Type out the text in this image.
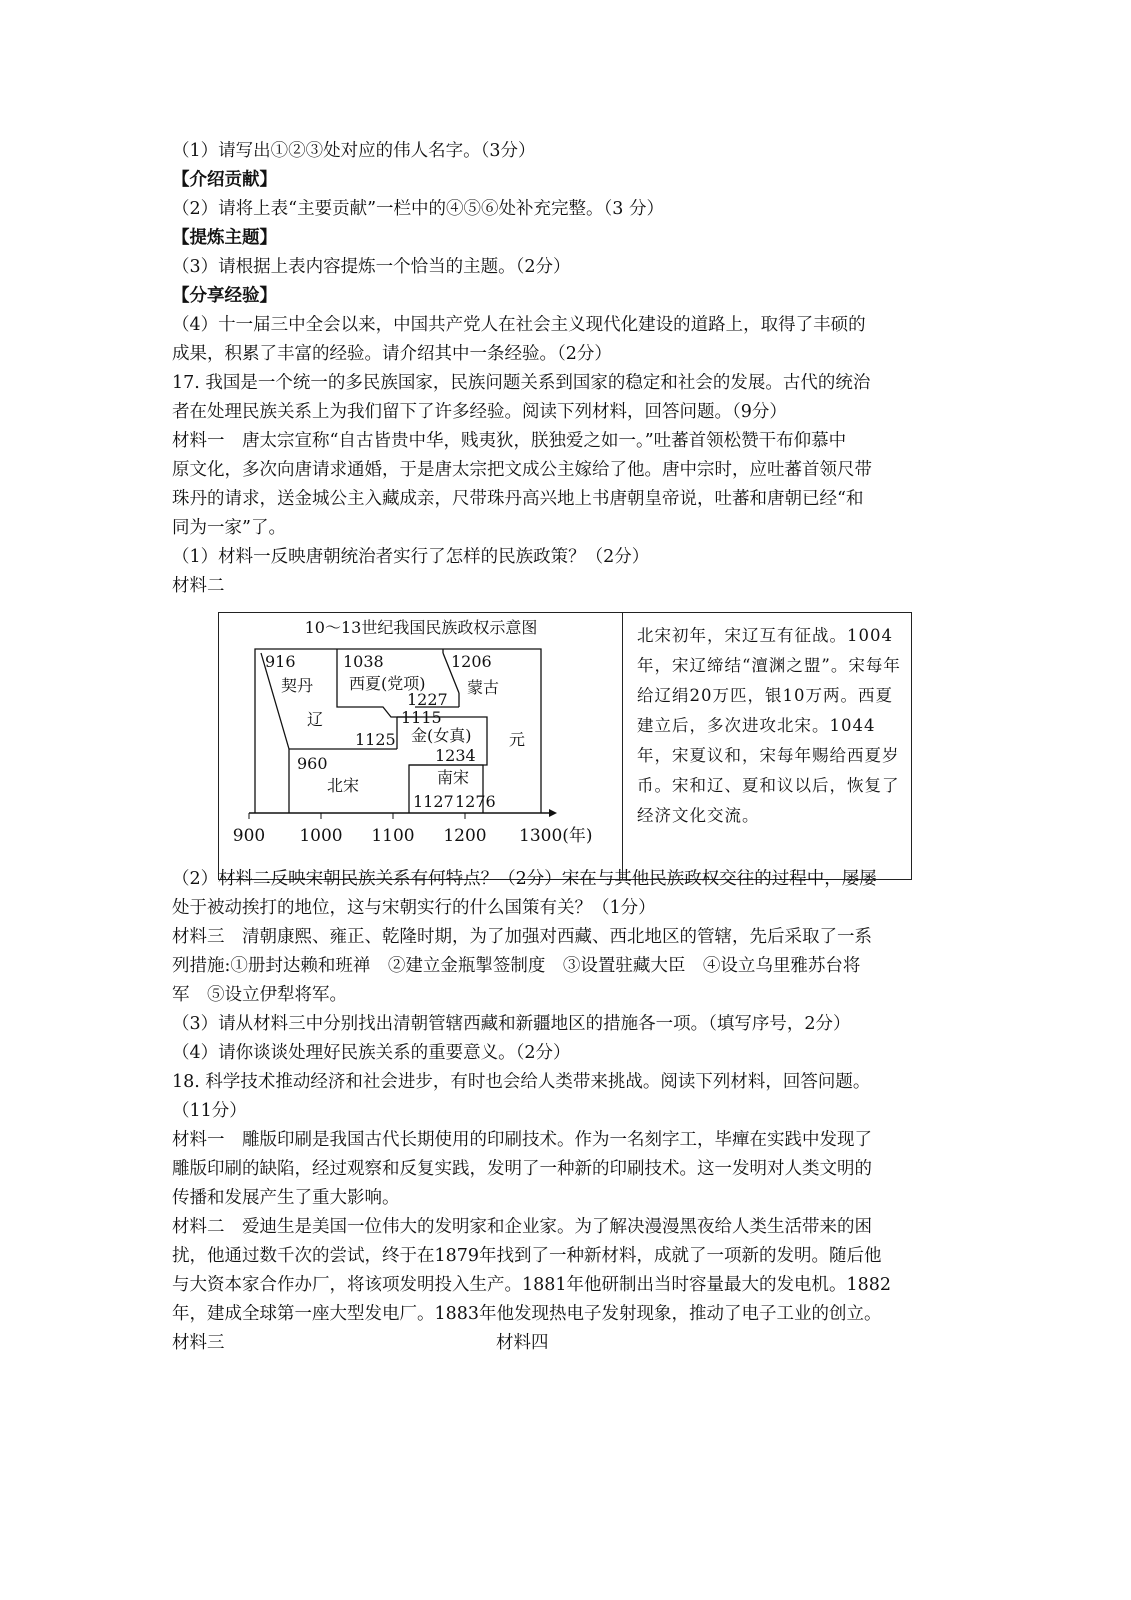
（1）请写出①②③处对应的伟人名字。（3分）
【介绍贡献】
（2）请将上表“主要贡献”一栏中的④⑤⑥处补充完整。（3 分）
【提炼主题】
（3）请根据上表内容提炼一个恰当的主题。（2分）
【分享经验】
（4）十一届三中全会以来，中国共产党人在社会主义现代化建设的道路上，取得了丰硕的
成果，积累了丰富的经验。请介绍其中一条经验。（2分）
17. 我国是一个统一的多民族国家，民族问题关系到国家的稳定和社会的发展。古代的统治
者在处理民族关系上为我们留下了许多经验。阅读下列材料，回答问题。（9分）
材料一　唐太宗宣称“自古皆贵中华，贱夷狄，朕独爱之如一。”吐蕃首领松赞干布仰慕中
原文化，多次向唐请求通婚，于是唐太宗把文成公主嫁给了他。唐中宗时，应吐蕃首领尺带
珠丹的请求，送金城公主入藏成亲，尺带珠丹高兴地上书唐朝皇帝说，吐蕃和唐朝已经“和
同为一家”了。
（1）材料一反映唐朝统治者实行了怎样的民族政策？（2分）
材料二
10～13世纪我国民族政权示意图
900 1000 1100 1200 1300(年)
916
契丹
辽
1125
1038
西夏(党项)
1227
1206
蒙古
元
1115
金(女真)
1234
960
北宋	南宋
1127 1276
北宋初年，宋辽互有征战。1004年，宋辽缔结“澶渊之盟”。宋每年给辽绢20万匹，银10万两。西夏建立后，多次进攻北宋。1044年，宋夏议和，宋每年赐给西夏岁币。宋和辽、夏和议以后，恢复了经济文化交流。
（2）材料二反映宋朝民族关系有何特点？（2分）宋在与其他民族政权交往的过程中，屡屡
处于被动挨打的地位，这与宋朝实行的什么国策有关？（1分）
材料三　清朝康熙、雍正、乾隆时期，为了加强对西藏、西北地区的管辖，先后采取了一系
列措施:①册封达赖和班禅　②建立金瓶掣签制度　③设置驻藏大臣　④设立乌里雅苏台将
军　⑤设立伊犁将军。
（3）请从材料三中分别找出清朝管辖西藏和新疆地区的措施各一项。（填写序号，2分）
（4）请你谈谈处理好民族关系的重要意义。（2分）
18. 科学技术推动经济和社会进步，有时也会给人类带来挑战。阅读下列材料，回答问题。
（11分）
材料一　雕版印刷是我国古代长期使用的印刷技术。作为一名刻字工，毕癉在实践中发现了
雕版印刷的缺陷，经过观察和反复实践，发明了一种新的印刷技术。这一发明对人类文明的
传播和发展产生了重大影响。
材料二　爱迪生是美国一位伟大的发明家和企业家。为了解决漫漫黑夜给人类生活带来的困
扰，他通过数千次的尝试，终于在1879年找到了一种新材料，成就了一项新的发明。随后他
与大资本家合作办厂，将该项发明投入生产。1881年他研制出当时容量最大的发电机。1882
年，建成全球第一座大型发电厂。1883年他发现热电子发射现象，推动了电子工业的创立。
材料三	材料四
